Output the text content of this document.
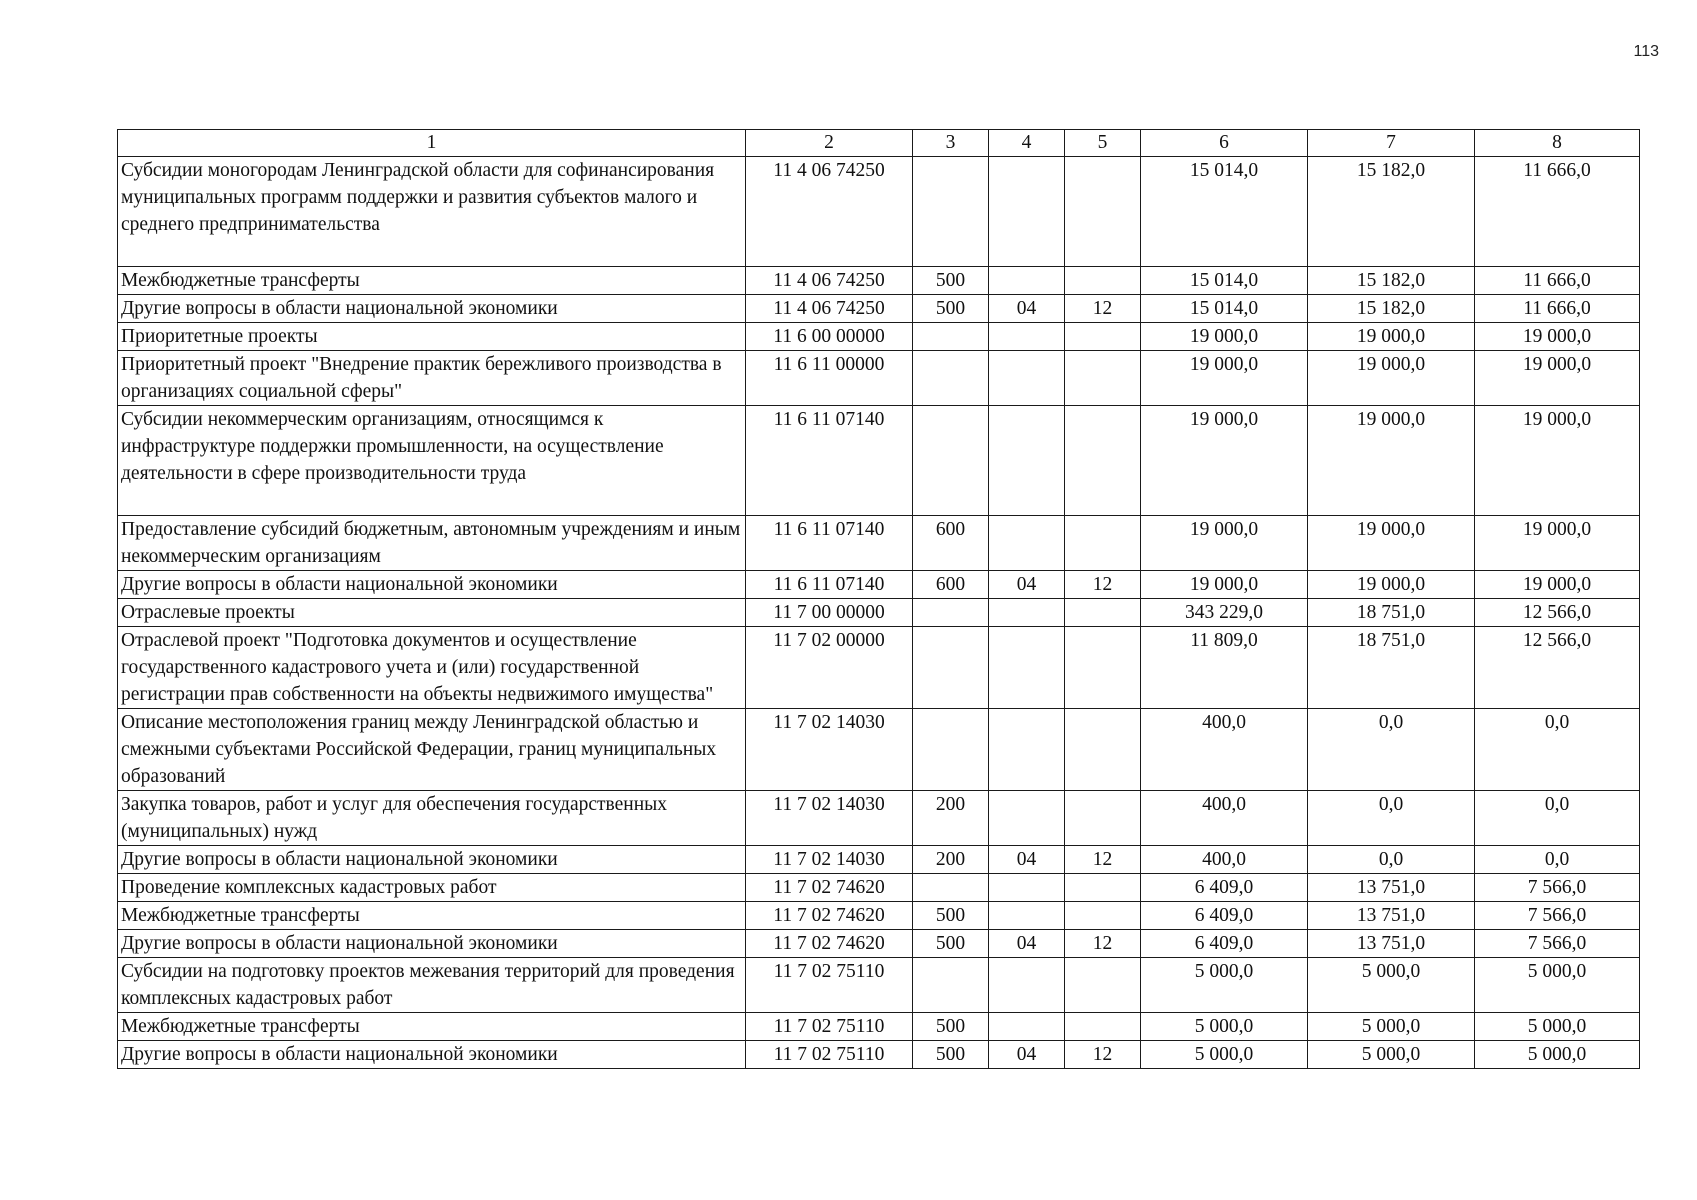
113
1	2	3	4	5	6	7	8
Субсидии моногородам Ленинградской области для софинансирования муниципальных программ поддержки и развития субъектов малого и среднего предпринимательства	11 4 06 74250				15 014,0	15 182,0	11 666,0
Межбюджетные трансферты	11 4 06 74250	500			15 014,0	15 182,0	11 666,0
Другие вопросы в области национальной экономики	11 4 06 74250	500	04	12	15 014,0	15 182,0	11 666,0
Приоритетные проекты	11 6 00 00000				19 000,0	19 000,0	19 000,0
Приоритетный проект "Внедрение практик бережливого производства в организациях социальной сферы"	11 6 11 00000				19 000,0	19 000,0	19 000,0
Субсидии некоммерческим организациям, относящимся к инфраструктуре поддержки промышленности, на осуществление деятельности в сфере производительности труда	11 6 11 07140				19 000,0	19 000,0	19 000,0
Предоставление субсидий бюджетным, автономным учреждениям и иным некоммерческим организациям	11 6 11 07140	600			19 000,0	19 000,0	19 000,0
Другие вопросы в области национальной экономики	11 6 11 07140	600	04	12	19 000,0	19 000,0	19 000,0
Отраслевые проекты	11 7 00 00000				343 229,0	18 751,0	12 566,0
Отраслевой проект "Подготовка документов и осуществление государственного кадастрового учета и (или) государственной регистрации прав собственности на объекты недвижимого имущества"	11 7 02 00000				11 809,0	18 751,0	12 566,0
Описание местоположения границ между Ленинградской областью и смежными субъектами Российской Федерации, границ муниципальных образований	11 7 02 14030				400,0	0,0	0,0
Закупка товаров, работ и услуг для обеспечения государственных (муниципальных) нужд	11 7 02 14030	200			400,0	0,0	0,0
Другие вопросы в области национальной экономики	11 7 02 14030	200	04	12	400,0	0,0	0,0
Проведение комплексных кадастровых работ	11 7 02 74620				6 409,0	13 751,0	7 566,0
Межбюджетные трансферты	11 7 02 74620	500			6 409,0	13 751,0	7 566,0
Другие вопросы в области национальной экономики	11 7 02 74620	500	04	12	6 409,0	13 751,0	7 566,0
Субсидии на подготовку проектов межевания территорий для проведения комплексных кадастровых работ	11 7 02 75110				5 000,0	5 000,0	5 000,0
Межбюджетные трансферты	11 7 02 75110	500			5 000,0	5 000,0	5 000,0
Другие вопросы в области национальной экономики	11 7 02 75110	500	04	12	5 000,0	5 000,0	5 000,0
